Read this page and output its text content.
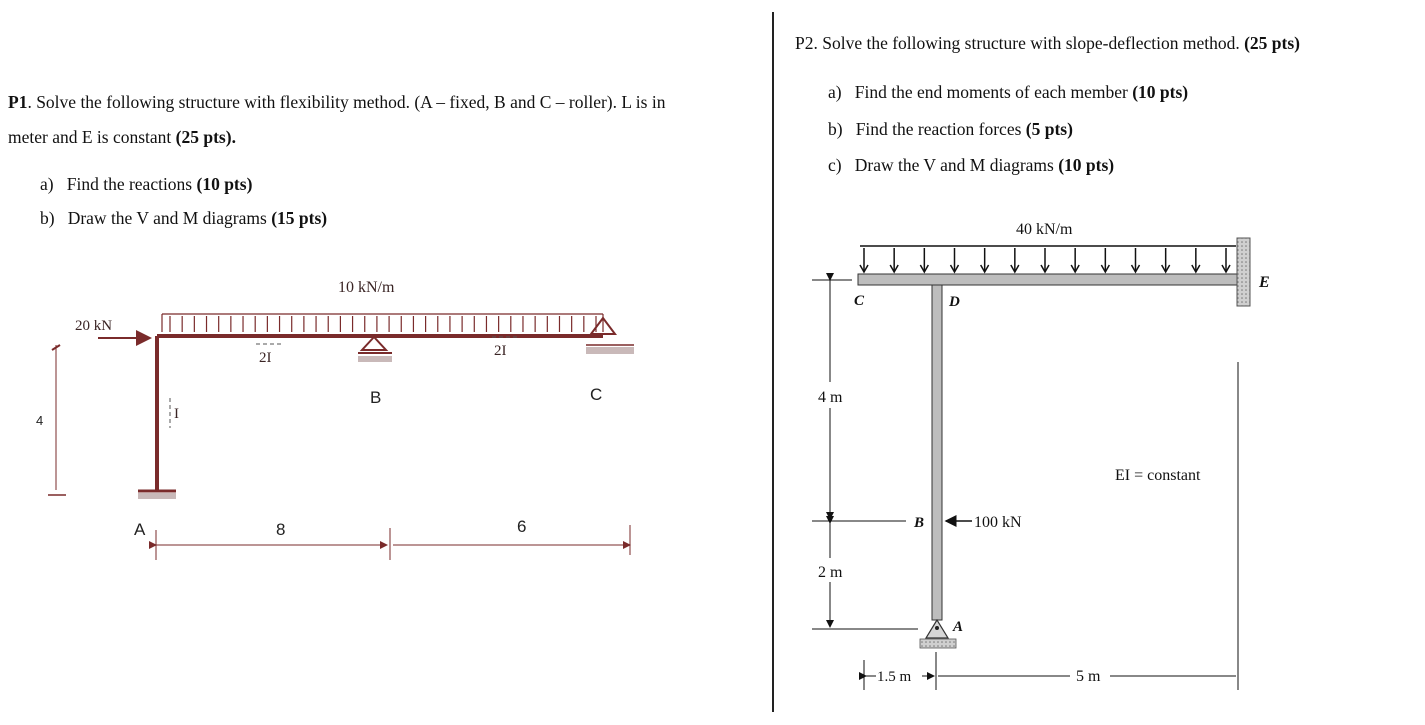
P1. Solve the following structure with flexibility method. (A – fixed, B and C – roller). L is in
meter and E is constant (25 pts).
a) Find the reactions (10 pts)
b) Draw the V and M diagrams (15 pts)
P2. Solve the following structure with slope-deflection method. (25 pts)
a) Find the end moments of each member (10 pts)
b) Find the reaction forces (5 pts)
c) Draw the V and M diagrams (10 pts)
10 kN/m
20 kN
2I	2I
I
A
B	C
4
8	6
40 kN/m
E
C	D
A
B	100 kN
4 m
2 m
1.5 m	5 m
EI = constant
